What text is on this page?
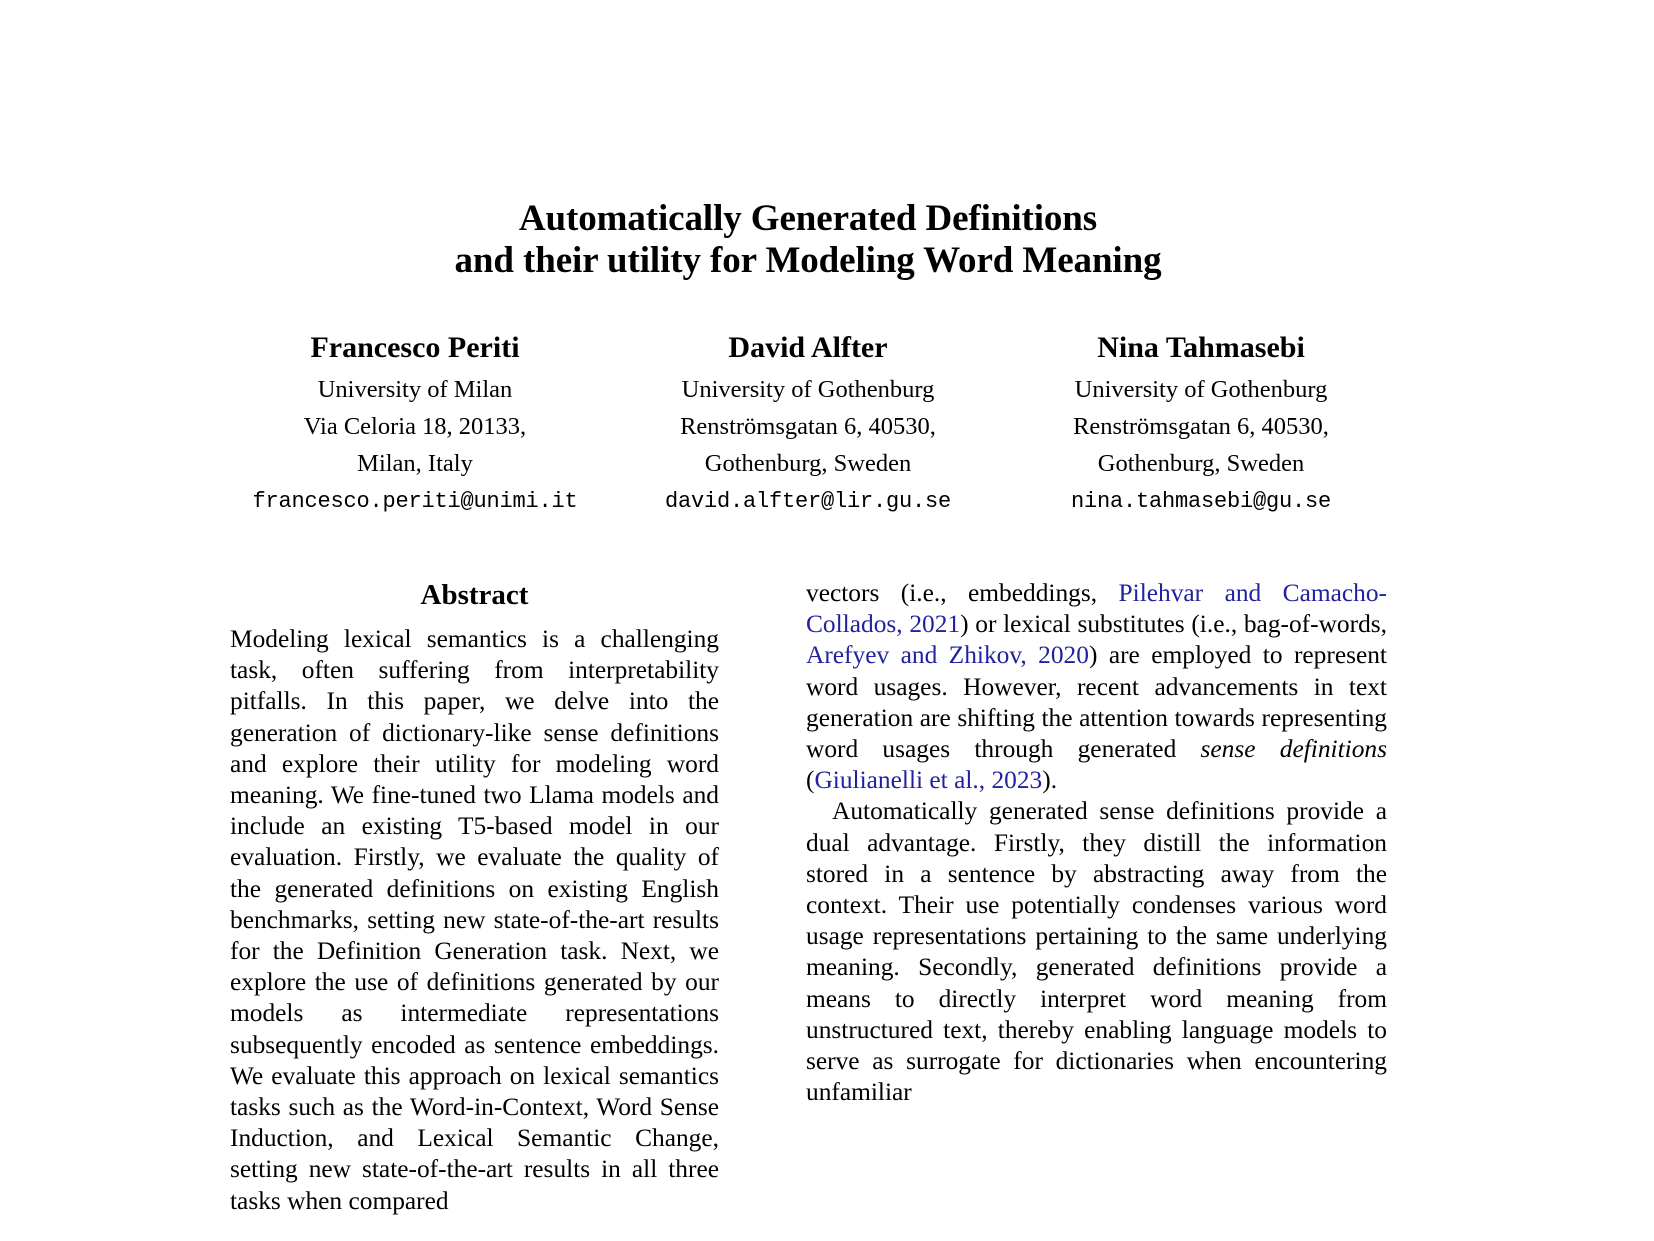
Automatically Generated Definitions
and their utility for Modeling Word Meaning
Francesco Periti
University of Milan
Via Celoria 18, 20133,
Milan, Italy
francesco.periti@unimi.it
David Alfter
University of Gothenburg
Renströmsgatan 6, 40530,
Gothenburg, Sweden
david.alfter@lir.gu.se
Nina Tahmasebi
University of Gothenburg
Renströmsgatan 6, 40530,
Gothenburg, Sweden
nina.tahmasebi@gu.se
Abstract

Modeling lexical semantics is a challenging task, often suffering from interpretability pitfalls. In this paper, we delve into the generation of dictionary-like sense definitions and explore their utility for modeling word meaning. We fine-tuned two Llama models and include an existing T5-based model in our evaluation. Firstly, we evaluate the quality of the generated definitions on existing English benchmarks, setting new state-of-the-art results for the Definition Generation task. Next, we explore the use of definitions generated by our models as intermediate representations subsequently encoded as sentence embeddings. We evaluate this approach on lexical semantics tasks such as the Word-in-Context, Word Sense Induction, and Lexical Semantic Change, setting new state-of-the-art results in all three tasks when compared

vectors (i.e., embeddings, Pilehvar and Camacho-Collados, 2021) or lexical substitutes (i.e., bag-of-words, Arefyev and Zhikov, 2020) are employed to represent word usages. However, recent advancements in text generation are shifting the attention towards representing word usages through generated sense definitions (Giulianelli et al., 2023).

Automatically generated sense definitions provide a dual advantage. Firstly, they distill the information stored in a sentence by abstracting away from the context. Their use potentially condenses various word usage representations pertaining to the same underlying meaning. Secondly, generated definitions provide a means to directly interpret word meaning from unstructured text, thereby enabling language models to serve as surrogate for dictionaries when encountering unfamiliar
